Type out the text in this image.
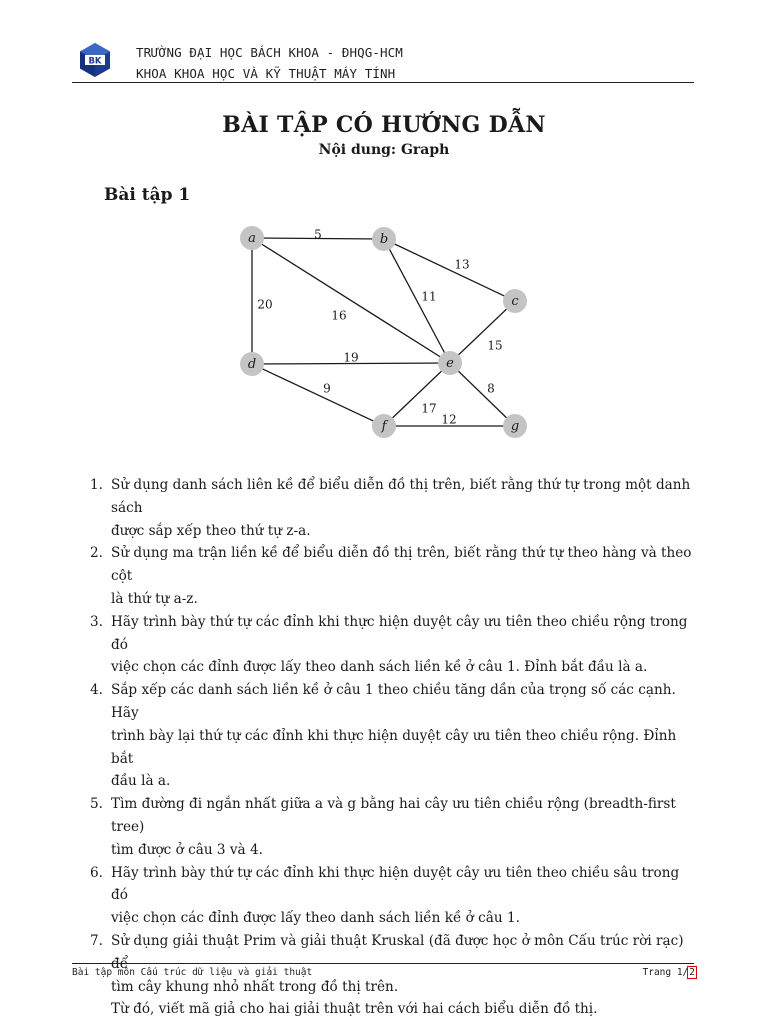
BK
TRƯỜNG ĐẠI HỌC BÁCH KHOA - ĐHQG-HCM
KHOA KHOA HỌC VÀ KỸ THUẬT MÁY TÍNH
BÀI TẬP CÓ HƯỚNG DẪN
Nội dung: Graph
Bài tập 1
5
13
11
20
16
19
15
9	8
17
12
a	b
c
d	e
f	g
1. Sử dụng danh sách liên kề để biểu diễn đồ thị trên, biết rằng thứ tự trong một danh sách
được sắp xếp theo thứ tự z-a.
2. Sử dụng ma trận liền kề để biểu diễn đồ thị trên, biết rằng thứ tự theo hàng và theo cột
là thứ tự a-z.
3. Hãy trình bày thứ tự các đỉnh khi thực hiện duyệt cây ưu tiên theo chiều rộng trong đó
việc chọn các đỉnh được lấy theo danh sách liền kề ở câu 1. Đỉnh bắt đầu là a.
4. Sắp xếp các danh sách liền kề ở câu 1 theo chiều tăng dần của trọng số các cạnh. Hãy
trình bày lại thứ tự các đỉnh khi thực hiện duyệt cây ưu tiên theo chiều rộng. Đỉnh bắt
đầu là a.
5. Tìm đường đi ngắn nhất giữa a và g bằng hai cây ưu tiên chiều rộng (breadth-first tree)
tìm được ở câu 3 và 4.
6. Hãy trình bày thứ tự các đỉnh khi thực hiện duyệt cây ưu tiên theo chiều sâu trong đó
việc chọn các đỉnh được lấy theo danh sách liền kề ở câu 1.
7. Sử dụng giải thuật Prim và giải thuật Kruskal (đã được học ở môn Cấu trúc rời rạc) để
tìm cây khung nhỏ nhất trong đồ thị trên.
Từ đó, viết mã giả cho hai giải thuật trên với hai cách biểu diễn đồ thị.
Bài tập môn Cấu trúc dữ liệu và giải thuật	Trang 1/2
